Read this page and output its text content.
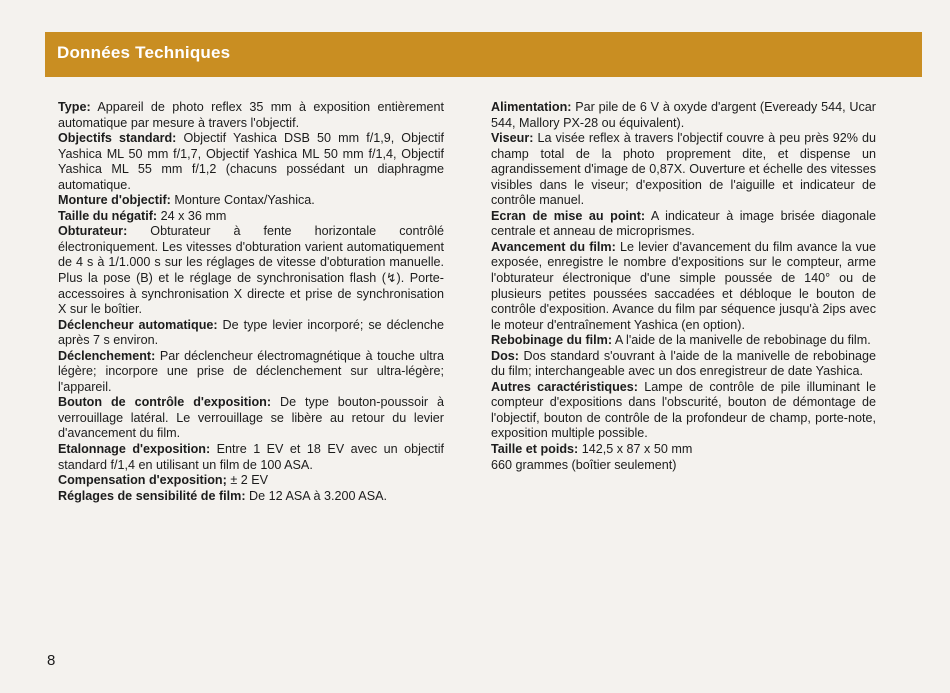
Données Techniques

Type: Appareil de photo reflex 35 mm à exposition entièrement automatique par mesure à travers l'objectif.

Objectifs standard: Objectif Yashica DSB 50 mm f/1,9, Objectif Yashica ML 50 mm f/1,7, Objectif Yashica ML 50 mm f/1,4, Objectif Yashica ML 55 mm f/1,2 (chacuns possédant un diaphragme automatique.

Monture d'objectif: Monture Contax/Yashica.

Taille du négatif: 24 x 36 mm

Obturateur: Obturateur à fente horizontale contrôlé électroniquement. Les vitesses d'obturation varient automatiquement de 4 s à 1/1.000 s sur les réglages de vitesse d'obturation manuelle. Plus la pose (B) et le réglage de synchronisation flash (↯). Porte-accessoires à synchronisation X directe et prise de synchronisation X sur le boîtier.

Déclencheur automatique: De type levier incorporé; se déclenche après 7 s environ.

Déclenchement: Par déclencheur électromagnétique à touche ultra légère; incorpore une prise de déclenchement sur ultra-légère; l'appareil.

Bouton de contrôle d'exposition: De type bouton-poussoir à verrouillage latéral. Le verrouillage se libère au retour du levier d'avancement du film.

Etalonnage d'exposition: Entre 1 EV et 18 EV avec un objectif standard f/1,4 en utilisant un film de 100 ASA.

Compensation d'exposition; ± 2 EV

Réglages de sensibilité de film: De 12 ASA à 3.200 ASA.

Alimentation: Par pile de 6 V à oxyde d'argent (Eveready 544, Ucar 544, Mallory PX-28 ou équivalent).

Viseur: La visée reflex à travers l'objectif couvre à peu près 92% du champ total de la photo proprement dite, et dispense un agrandissement d'image de 0,87X. Ouverture et échelle des vitesses visibles dans le viseur; d'exposition de l'aiguille et indicateur de contrôle manuel.

Ecran de mise au point: A indicateur à image brisée diagonale centrale et anneau de microprismes.

Avancement du film: Le levier d'avancement du film avance la vue exposée, enregistre le nombre d'expositions sur le compteur, arme l'obturateur électronique d'une simple poussée de 140° ou de plusieurs petites poussées saccadées et débloque le bouton de contrôle d'exposition. Avance du film par séquence jusqu'à 2ips avec le moteur d'entraînement Yashica (en option).

Rebobinage du film: A l'aide de la manivelle de rebobinage du film.

Dos: Dos standard s'ouvrant à l'aide de la manivelle de rebobinage du film; interchangeable avec un dos enregistreur de date Yashica.

Autres caractéristiques: Lampe de contrôle de pile illuminant le compteur d'expositions dans l'obscurité, bouton de démontage de l'objectif, bouton de contrôle de la profondeur de champ, porte-note, exposition multiple possible.

Taille et poids: 142,5 x 87 x 50 mm

660 grammes (boîtier seulement)

8
